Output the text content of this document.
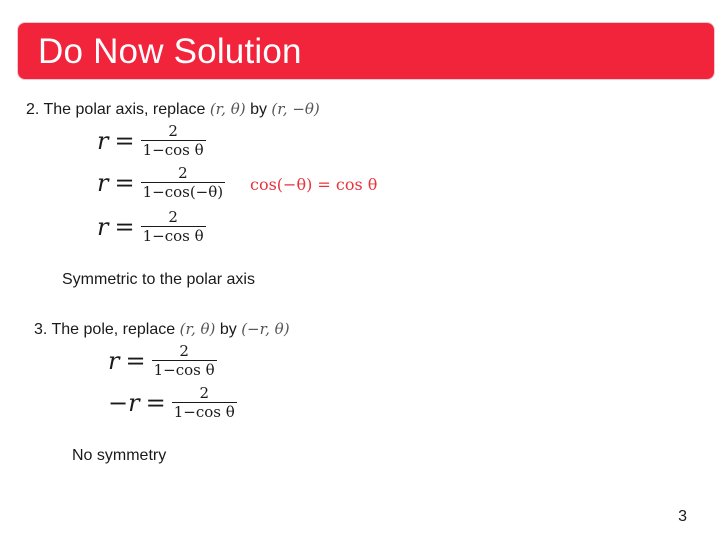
Do Now Solution
2. The polar axis, replace (r, θ) by (r, −θ)
$r = \frac{2}{\text{1−cos θ}}$
$r = \frac{2}{1-\cos(-\theta)} \cos(-\theta) = \cos \theta$
$r = \frac{2}{\text{1−cos θ}}$
Symmetric to the polar axis
3. The pole, replace (r, θ) by (−r, θ)
$r = \frac{2}{\text{1−cos θ}}$
$-r = \frac{2}{\text{1−cos θ}}$
No symmetry
3
